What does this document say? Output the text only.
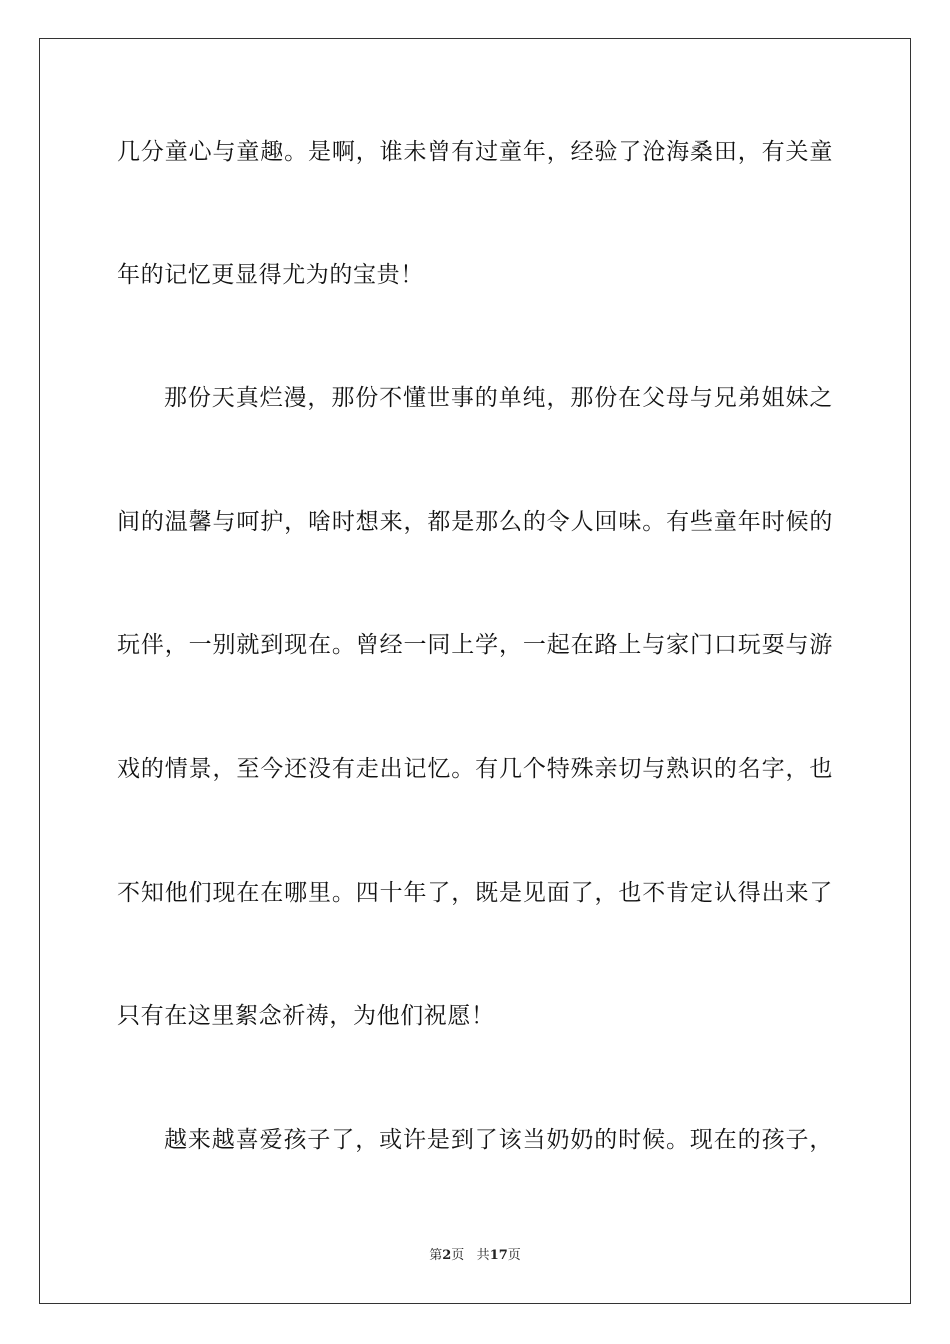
几分童心与童趣。是啊，谁未曾有过童年，经验了沧海桑田，有关童
年的记忆更显得尤为的宝贵！
那份天真烂漫，那份不懂世事的单纯，那份在父母与兄弟姐妹之
间的温馨与呵护，啥时想来，都是那么的令人回味。有些童年时候的
玩伴，一别就到现在。曾经一同上学，一起在路上与家门口玩耍与游
戏的情景，至今还没有走出记忆。有几个特殊亲切与熟识的名字，也
不知他们现在在哪里。四十年了，既是见面了，也不肯定认得出来了
只有在这里絮念祈祷，为他们祝愿！
越来越喜爱孩子了，或许是到了该当奶奶的时候。现在的孩子，
第2页 共17页
